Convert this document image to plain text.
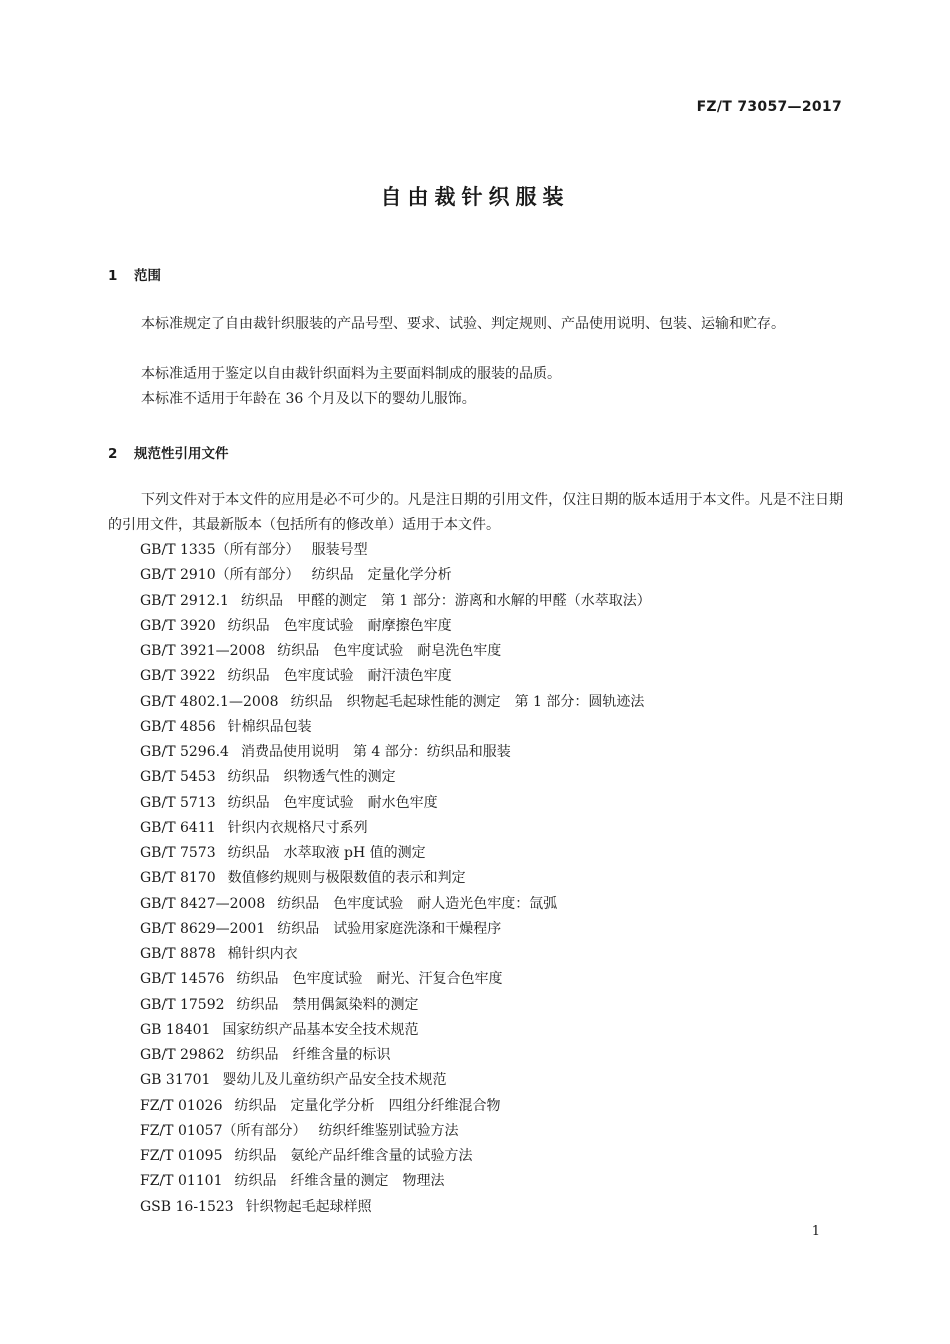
FZ/T 73057—2017
自由裁针织服装
1 范围
本标准规定了自由裁针织服装的产品号型、要求、试验、判定规则、产品使用说明、包装、运输和贮存。
本标准适用于鉴定以自由裁针织面料为主要面料制成的服装的品质。
本标准不适用于年龄在 36 个月及以下的婴幼儿服饰。
2 规范性引用文件
下列文件对于本文件的应用是必不可少的。凡是注日期的引用文件，仅注日期的版本适用于本文件。凡是不注日期的引用文件，其最新版本（包括所有的修改单）适用于本文件。
GB/T 1335（所有部分） 服装号型
GB/T 2910（所有部分） 纺织品　定量化学分析
GB/T 2912.1 纺织品　甲醛的测定　第 1 部分：游离和水解的甲醛（水萃取法）
GB/T 3920 纺织品　色牢度试验　耐摩擦色牢度
GB/T 3921—2008 纺织品　色牢度试验　耐皂洗色牢度
GB/T 3922 纺织品　色牢度试验　耐汗渍色牢度
GB/T 4802.1—2008 纺织品　织物起毛起球性能的测定　第 1 部分：圆轨迹法
GB/T 4856 针棉织品包装
GB/T 5296.4 消费品使用说明　第 4 部分：纺织品和服装
GB/T 5453 纺织品　织物透气性的测定
GB/T 5713 纺织品　色牢度试验　耐水色牢度
GB/T 6411 针织内衣规格尺寸系列
GB/T 7573 纺织品　水萃取液 pH 值的测定
GB/T 8170 数值修约规则与极限数值的表示和判定
GB/T 8427—2008 纺织品　色牢度试验　耐人造光色牢度：氙弧
GB/T 8629—2001 纺织品　试验用家庭洗涤和干燥程序
GB/T 8878 棉针织内衣
GB/T 14576 纺织品　色牢度试验　耐光、汗复合色牢度
GB/T 17592 纺织品　禁用偶氮染料的测定
GB 18401 国家纺织产品基本安全技术规范
GB/T 29862 纺织品　纤维含量的标识
GB 31701 婴幼儿及儿童纺织产品安全技术规范
FZ/T 01026 纺织品　定量化学分析　四组分纤维混合物
FZ/T 01057（所有部分） 纺织纤维鉴别试验方法
FZ/T 01095 纺织品　氨纶产品纤维含量的试验方法
FZ/T 01101 纺织品　纤维含量的测定　物理法
GSB 16-1523 针织物起毛起球样照
1
